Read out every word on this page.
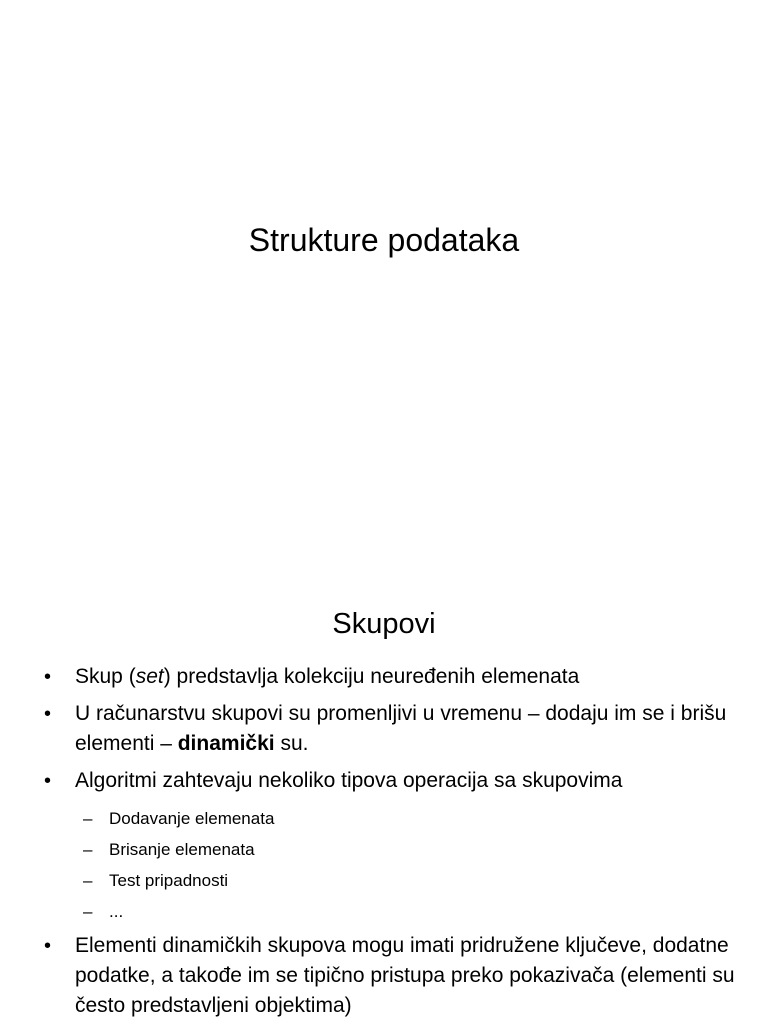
Strukture podataka
Skupovi
• Skup (set) predstavlja kolekciju neuređenih elemenata
• U računarstvu skupovi su promenljivi u vremenu – dodaju im se i brišu elementi – dinamički su.
• Algoritmi zahtevaju nekoliko tipova operacija sa skupovima
– Dodavanje elemenata
– Brisanje elemenata
– Test pripadnosti
– ...
• Elementi dinamičkih skupova mogu imati pridružene ključeve, dodatne podatke, a takođe im se tipično pristupa preko pokazivača (elementi su često predstavljeni objektima)
